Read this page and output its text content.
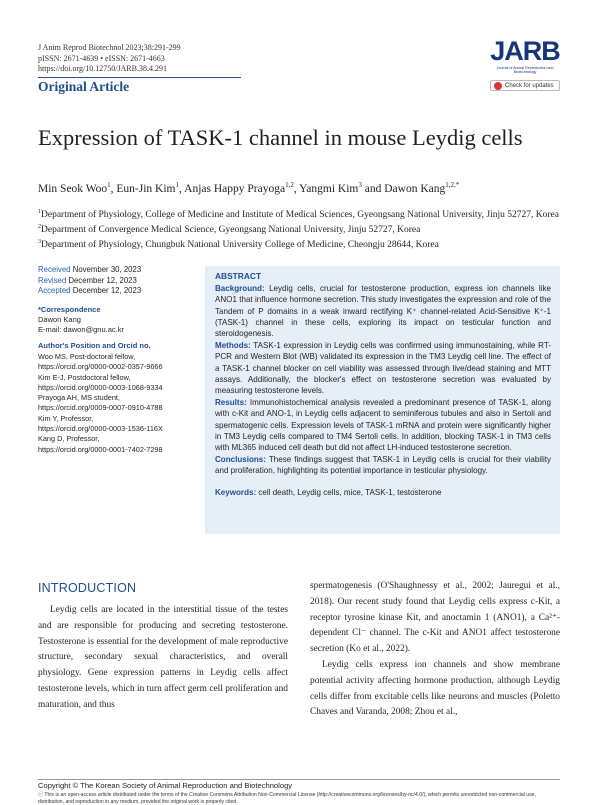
J Anim Reprod Biotechnol 2023;38:291-299
pISSN: 2671-4639 • eISSN: 2671-4663
https://doi.org/10.12750/JARB.38.4.291
Original Article
JARB
Journal of Animal Reproduction and Biotechnology
Check for updates
Expression of TASK-1 channel in mouse Leydig cells
Min Seok Woo$^1$, Eun-Jin Kim$^1$, Anjas Happy Prayoga$^{1,2}$, Yangmi Kim$^3$ and Dawon Kang$^{1,2,*}$
$^1$Department of Physiology, College of Medicine and Institute of Medical Sciences, Gyeongsang National University, Jinju 52727, Korea
$^2$Department of Convergence Medical Science, Gyeongsang National University, Jinju 52727, Korea
$^3$Department of Physiology, Chungbuk National University College of Medicine, Cheongju 28644, Korea
Received November 30, 2023
Revised December 12, 2023
Accepted December 12, 2023
*Correspondence
Dawon Kang
E-mail: dawon@gnu.ac.kr
Author's Position and Orcid no.
Woo MS, Post-doctoral fellow,
https://orcid.org/0000-0002-0357-9666
Kim E-J, Postdoctoral fellow,
https://orcid.org/0000-0003-1068-9334
Prayoga AH, MS student,
https://orcid.org/0009-0007-0910-4788
Kim Y, Professor,
https://orcid.org/0000-0003-1536-116X
Kang D, Professor,
https://orcid.org/0000-0001-7402-7298
ABSTRACT

Background: Leydig cells, crucial for testosterone production, express ion channels like ANO1 that influence hormone secretion. This study investigates the expression and role of the Tandem of P domains in a weak inward rectifying K⁺ channel-related Acid-Sensitive K⁺-1 (TASK-1) channel in these cells, exploring its impact on testicular function and steroidogenesis.

Methods: TASK-1 expression in Leydig cells was confirmed using immunostaining, while RT-PCR and Western Blot (WB) validated its expression in the TM3 Leydig cell line. The effect of a TASK-1 channel blocker on cell viability was assessed through live/dead staining and MTT assays. Additionally, the blocker's effect on testosterone secretion was evaluated by measuring testosterone levels.

Results: Immunohistochemical analysis revealed a predominant presence of TASK-1, along with c-Kit and ANO-1, in Leydig cells adjacent to seminiferous tubules and also in Sertoli and spermatogenic cells. Expression levels of TASK-1 mRNA and protein were significantly higher in TM3 Leydig cells compared to TM4 Sertoli cells. In addition, blocking TASK-1 in TM3 cells with ML365 induced cell death but did not affect LH-induced testosterone secretion.

Conclusions: These findings suggest that TASK-1 in Leydig cells is crucial for their viability and proliferation, highlighting its potential importance in testicular physiology.

Keywords: cell death, Leydig cells, mice, TASK-1, testosterone
INTRODUCTION

Leydig cells are located in the interstitial tissue of the testes and are responsible for producing and secreting testosterone. Testosterone is essential for the development of male reproductive structure, secondary sexual characteristics, and overall physiology. Gene expression patterns in Leydig cells affect testosterone levels, which in turn affect germ cell proliferation and maturation, and thus

spermatogenesis (O'Shaughnessy et al., 2002; Jauregui et al., 2018). Our recent study found that Leydig cells express c-Kit, a receptor tyrosine kinase Kit, and anoctamin 1 (ANO1), a Ca²⁺- dependent Cl⁻ channel. The c-Kit and ANO1 affect testosterone secretion (Ko et al., 2022).

Leydig cells express ion channels and show membrane potential activity affecting hormone production, although Leydig cells differ from excitable cells like neurons and muscles (Poletto Chaves and Varanda, 2008; Zhou et al.,

Copyright © The Korean Society of Animal Reproduction and Biotechnology
ⓒ This is an open-access article distributed under the terms of the Creative Commons Attribution Non-Commercial License (http://creativecommons.org/licenses/by-nc/4.0/), which permits unrestricted non-commercial use, distribution, and reproduction in any medium, provided the original work is properly cited.
